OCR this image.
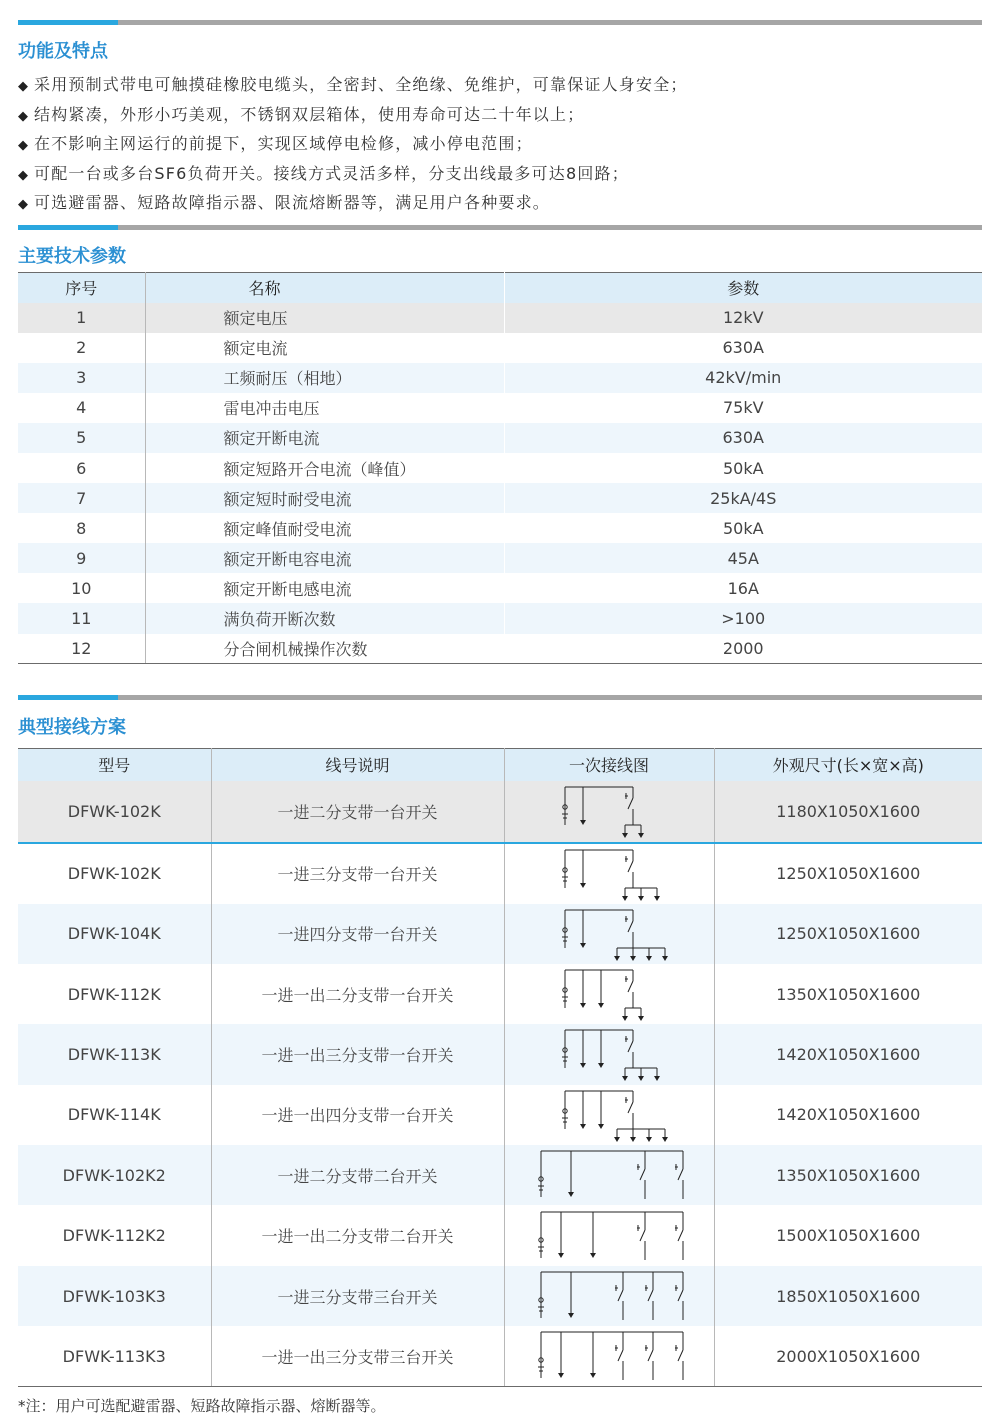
功能及特点
◆ 采用预制式带电可触摸硅橡胶电缆头，全密封、全绝缘、免维护，可靠保证人身安全；
◆ 结构紧凑，外形小巧美观，不锈钢双层箱体，使用寿命可达二十年以上；
◆ 在不影响主网运行的前提下，实现区域停电检修，减小停电范围；
◆ 可配一台或多台SF6负荷开关。接线方式灵活多样，分支出线最多可达8回路；
◆ 可选避雷器、短路故障指示器、限流熔断器等，满足用户各种要求。
主要技术参数
序号	名称	参数
1	额定电压	12kV
2	额定电流	630A
3	工频耐压（相地）	42kV/min
4	雷电冲击电压	75kV
5	额定开断电流	630A
6	额定短路开合电流（峰值）	50kA
7	额定短时耐受电流	25kA/4S
8	额定峰值耐受电流	50kA
9	额定开断电容电流	45A
10	额定开断电感电流	16A
11	满负荷开断次数	>100
12	分合闸机械操作次数	2000
典型接线方案
型号	线号说明	一次接线图	外观尺寸(长×宽×高)
DFWK-102K	一进二分支带一台开关		1180X1050X1600
DFWK-102K	一进三分支带一台开关		1250X1050X1600
DFWK-104K	一进四分支带一台开关		1250X1050X1600
DFWK-112K	一进一出二分支带一台开关		1350X1050X1600
DFWK-113K	一进一出三分支带一台开关		1420X1050X1600
DFWK-114K	一进一出四分支带一台开关		1420X1050X1600
DFWK-102K2	一进二分支带二台开关		1350X1050X1600
DFWK-112K2	一进一出二分支带二台开关		1500X1050X1600
DFWK-103K3	一进三分支带三台开关		1850X1050X1600
DFWK-113K3	一进一出三分支带三台开关		2000X1050X1600
*注：用户可选配避雷器、短路故障指示器、熔断器等。
